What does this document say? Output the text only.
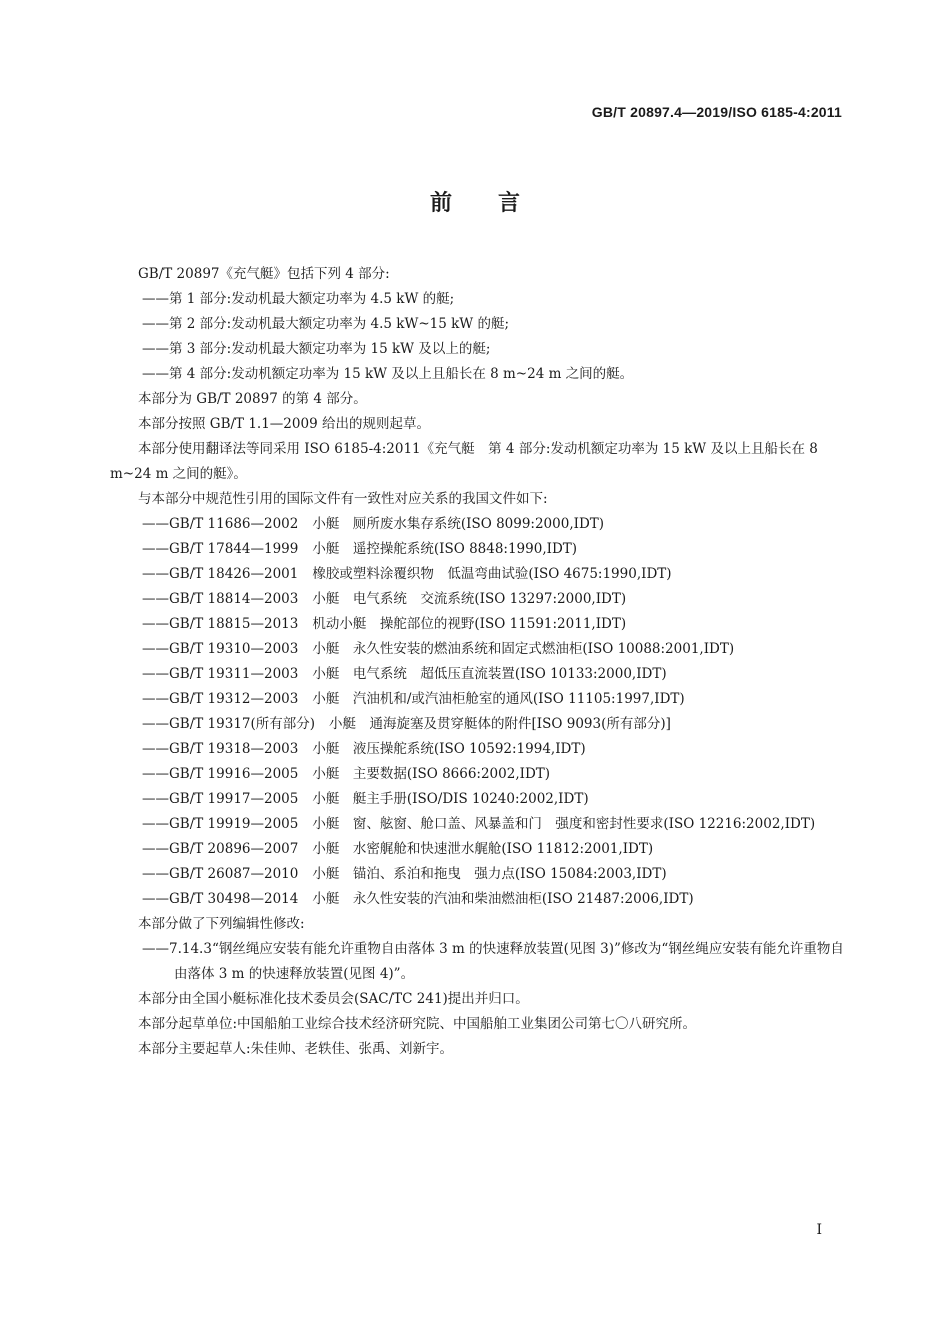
GB/T 20897.4—2019/ISO 6185-4:2011
前言

GB/T 20897《充气艇》包括下列 4 部分:

——第 1 部分:发动机最大额定功率为 4.5 kW 的艇;

——第 2 部分:发动机最大额定功率为 4.5 kW~15 kW 的艇;

——第 3 部分:发动机最大额定功率为 15 kW 及以上的艇;

——第 4 部分:发动机额定功率为 15 kW 及以上且船长在 8 m~24 m 之间的艇。

本部分为 GB/T 20897 的第 4 部分。

本部分按照 GB/T 1.1—2009 给出的规则起草。

本部分使用翻译法等同采用 ISO 6185-4:2011《充气艇　第 4 部分:发动机额定功率为 15 kW 及以上且船长在 8 m~24 m 之间的艇》。

与本部分中规范性引用的国际文件有一致性对应关系的我国文件如下:

——GB/T 11686—2002 小艇　厕所废水集存系统(ISO 8099:2000,IDT)

——GB/T 17844—1999 小艇　遥控操舵系统(ISO 8848:1990,IDT)

——GB/T 18426—2001 橡胶或塑料涂覆织物　低温弯曲试验(ISO 4675:1990,IDT)

——GB/T 18814—2003 小艇　电气系统　交流系统(ISO 13297:2000,IDT)

——GB/T 18815—2013 机动小艇　操舵部位的视野(ISO 11591:2011,IDT)

——GB/T 19310—2003 小艇　永久性安装的燃油系统和固定式燃油柜(ISO 10088:2001,IDT)

——GB/T 19311—2003 小艇　电气系统　超低压直流装置(ISO 10133:2000,IDT)

——GB/T 19312—2003 小艇　汽油机和/或汽油柜舱室的通风(ISO 11105:1997,IDT)

——GB/T 19317(所有部分) 小艇　通海旋塞及贯穿艇体的附件[ISO 9093(所有部分)]

——GB/T 19318—2003 小艇　液压操舵系统(ISO 10592:1994,IDT)

——GB/T 19916—2005 小艇　主要数据(ISO 8666:2002,IDT)

——GB/T 19917—2005 小艇　艇主手册(ISO/DIS 10240:2002,IDT)

——GB/T 19919—2005 小艇　窗、舷窗、舱口盖、风暴盖和门　强度和密封性要求(ISO 12216:2002,IDT)

——GB/T 20896—2007 小艇　水密艉舱和快速泄水艉舱(ISO 11812:2001,IDT)

——GB/T 26087—2010 小艇　锚泊、系泊和拖曳　强力点(ISO 15084:2003,IDT)

——GB/T 30498—2014 小艇　永久性安装的汽油和柴油燃油柜(ISO 21487:2006,IDT)

本部分做了下列编辑性修改:

——7.14.3“钢丝绳应安装有能允许重物自由落体 3 m 的快速释放装置(见图 3)”修改为“钢丝绳应安装有能允许重物自由落体 3 m 的快速释放装置(见图 4)”。

本部分由全国小艇标准化技术委员会(SAC/TC 241)提出并归口。

本部分起草单位:中国船舶工业综合技术经济研究院、中国船舶工业集团公司第七〇八研究所。

本部分主要起草人:朱佳帅、老轶佳、张禹、刘新宇。

I
